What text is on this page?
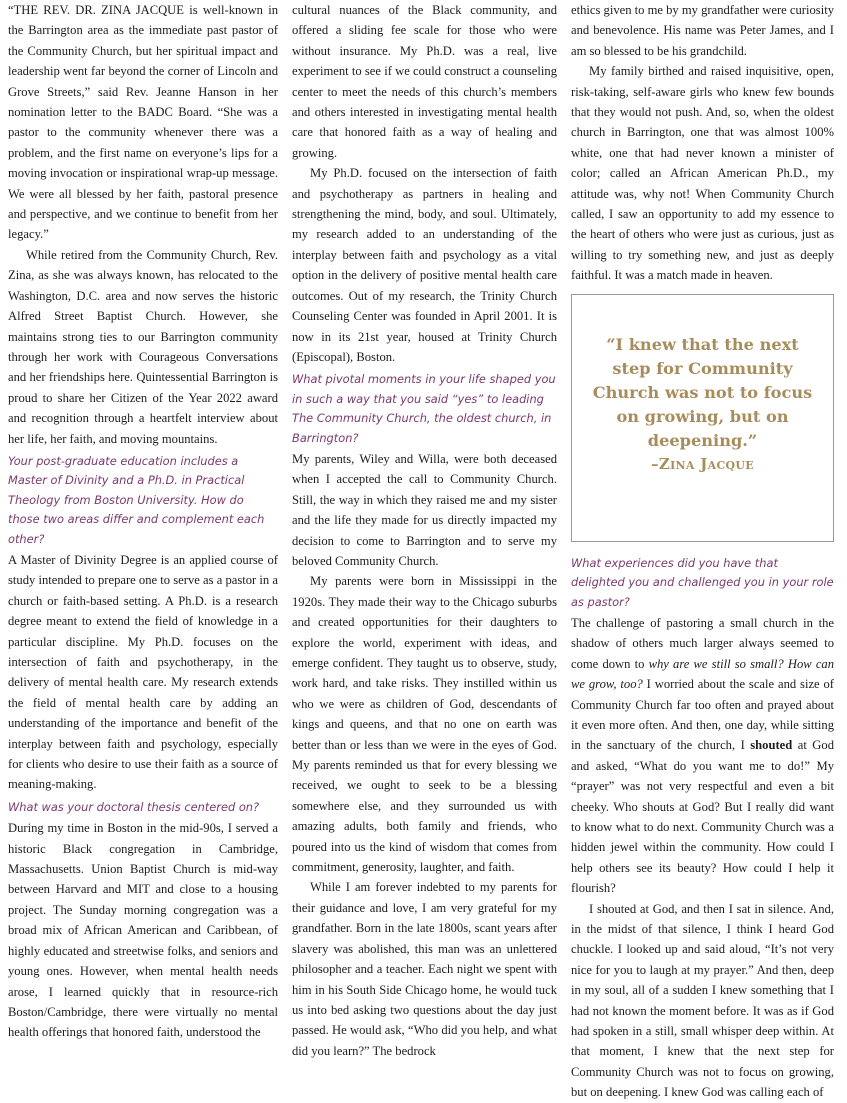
“THE REV. DR. ZINA JACQUE is well-known in the Barrington area as the immediate past pastor of the Community Church, but her spiritual impact and leadership went far beyond the corner of Lincoln and Grove Streets,” said Rev. Jeanne Hanson in her nomination letter to the BADC Board. “She was a pastor to the community whenever there was a problem, and the first name on everyone’s lips for a moving invocation or inspirational wrap-up message. We were all blessed by her faith, pastoral presence and perspective, and we continue to benefit from her legacy.”

While retired from the Community Church, Rev. Zina, as she was always known, has relocated to the Washington, D.C. area and now serves the historic Alfred Street Baptist Church. However, she maintains strong ties to our Barrington community through her work with Courageous Conversations and her friendships here. Quintessential Barrington is proud to share her Citizen of the Year 2022 award and recognition through a heartfelt interview about her life, her faith, and moving mountains.

Your post-graduate education includes a Master of Divinity and a Ph.D. in Practical Theology from Boston University. How do those two areas differ and complement each other?

A Master of Divinity Degree is an applied course of study intended to prepare one to serve as a pastor in a church or faith-based setting. A Ph.D. is a research degree meant to extend the field of knowledge in a particular discipline. My Ph.D. focuses on the intersection of faith and psychotherapy, in the delivery of mental health care. My research extends the field of mental health care by adding an understanding of the importance and benefit of the interplay between faith and psychology, especially for clients who desire to use their faith as a source of meaning-making.

What was your doctoral thesis centered on?

During my time in Boston in the mid-90s, I served a historic Black congregation in Cambridge, Massachusetts. Union Baptist Church is mid-way between Harvard and MIT and close to a housing project. The Sunday morning congregation was a broad mix of African American and Caribbean, of highly educated and streetwise folks, and seniors and young ones. However, when mental health needs arose, I learned quickly that in resource-rich Boston/Cambridge, there were virtually no mental health offerings that honored faith, understood the

cultural nuances of the Black community, and offered a sliding fee scale for those who were without insurance. My Ph.D. was a real, live experiment to see if we could construct a counseling center to meet the needs of this church’s members and others interested in investigating mental health care that honored faith as a way of healing and growing.

My Ph.D. focused on the intersection of faith and psychotherapy as partners in healing and strengthening the mind, body, and soul. Ultimately, my research added to an understanding of the interplay between faith and psychology as a vital option in the delivery of positive mental health care outcomes. Out of my research, the Trinity Church Counseling Center was founded in April 2001. It is now in its 21st year, housed at Trinity Church (Episcopal), Boston.

What pivotal moments in your life shaped you in such a way that you said “yes” to leading The Community Church, the oldest church, in Barrington?

My parents, Wiley and Willa, were both deceased when I accepted the call to Community Church. Still, the way in which they raised me and my sister and the life they made for us directly impacted my decision to come to Barrington and to serve my beloved Community Church.

My parents were born in Mississippi in the 1920s. They made their way to the Chicago suburbs and created opportunities for their daughters to explore the world, experiment with ideas, and emerge confident. They taught us to observe, study, work hard, and take risks. They instilled within us who we were as children of God, descendants of kings and queens, and that no one on earth was better than or less than we were in the eyes of God. My parents reminded us that for every blessing we received, we ought to seek to be a blessing somewhere else, and they surrounded us with amazing adults, both family and friends, who poured into us the kind of wisdom that comes from commitment, generosity, laughter, and faith.

While I am forever indebted to my parents for their guidance and love, I am very grateful for my grandfather. Born in the late 1800s, scant years after slavery was abolished, this man was an unlettered philosopher and a teacher. Each night we spent with him in his South Side Chicago home, he would tuck us into bed asking two questions about the day just passed. He would ask, “Who did you help, and what did you learn?” The bedrock

ethics given to me by my grandfather were curiosity and benevolence. His name was Peter James, and I am so blessed to be his grandchild.

My family birthed and raised inquisitive, open, risk-taking, self-aware girls who knew few bounds that they would not push. And, so, when the oldest church in Barrington, one that was almost 100% white, one that had never known a minister of color; called an African American Ph.D., my attitude was, why not! When Community Church called, I saw an opportunity to add my essence to the heart of others who were just as curious, just as willing to try something new, and just as deeply faithful. It was a match made in heaven.

“I knew that the next step for Community Church was not to focus on growing, but on deepening.”

–Zina Jacque
What experiences did you have that delighted you and challenged you in your role as pastor?

The challenge of pastoring a small church in the shadow of others much larger always seemed to come down to why are we still so small? How can we grow, too? I worried about the scale and size of Community Church far too often and prayed about it even more often. And then, one day, while sitting in the sanctuary of the church, I shouted at God and asked, “What do you want me to do!” My “prayer” was not very respectful and even a bit cheeky. Who shouts at God? But I really did want to know what to do next. Community Church was a hidden jewel within the community. How could I help others see its beauty? How could I help it flourish?

I shouted at God, and then I sat in silence. And, in the midst of that silence, I think I heard God chuckle. I looked up and said aloud, “It’s not very nice for you to laugh at my prayer.” And then, deep in my soul, all of a sudden I knew something that I had not known the moment before. It was as if God had spoken in a still, small whisper deep within. At that moment, I knew that the next step for Community Church was not to focus on growing, but on deepening. I knew God was calling each of
